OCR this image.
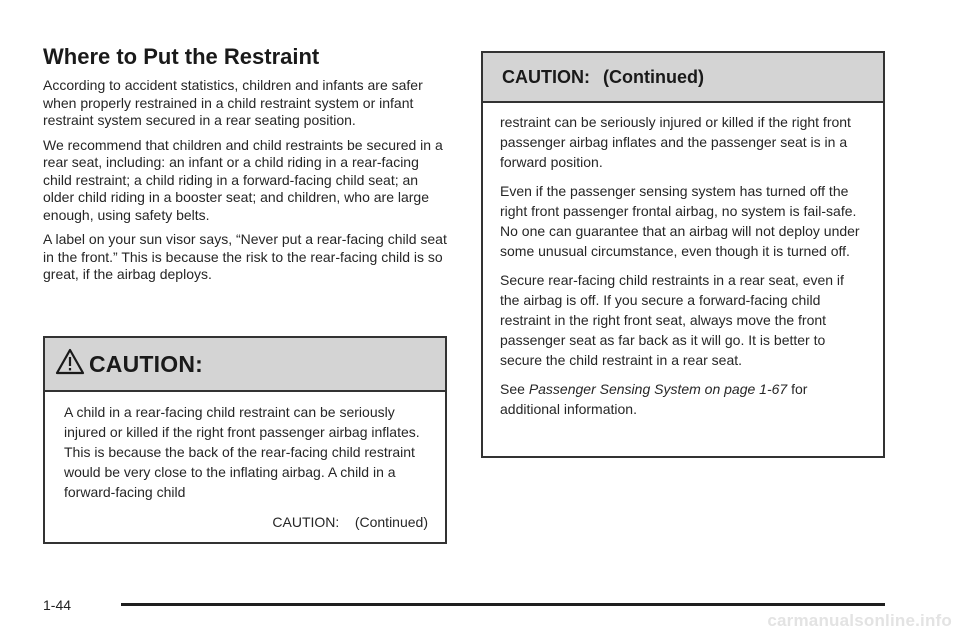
Where to Put the Restraint

According to accident statistics, children and infants are safer when properly restrained in a child restraint system or infant restraint system secured in a rear seating position.

We recommend that children and child restraints be secured in a rear seat, including: an infant or a child riding in a rear-facing child restraint; a child riding in a forward-facing child seat; an older child riding in a booster seat; and children, who are large enough, using safety belts.

A label on your sun visor says, “Never put a rear-facing child seat in the front.” This is because the risk to the rear-facing child is so great, if the airbag deploys.

CAUTION:
A child in a rear-facing child restraint can be seriously injured or killed if the right front passenger airbag inflates. This is because the back of the rear-facing child restraint would be very close to the inflating airbag. A child in a forward-facing child
CAUTION:    (Continued)
CAUTION: (Continued)

restraint can be seriously injured or killed if the right front passenger airbag inflates and the passenger seat is in a forward position.

Even if the passenger sensing system has turned off the right front passenger frontal airbag, no system is fail-safe. No one can guarantee that an airbag will not deploy under some unusual circumstance, even though it is turned off.

Secure rear-facing child restraints in a rear seat, even if the airbag is off. If you secure a forward-facing child restraint in the right front seat, always move the front passenger seat as far back as it will go. It is better to secure the child restraint in a rear seat.

See Passenger Sensing System on page 1-67 for additional information.

1-44
carmanualsonline.info
